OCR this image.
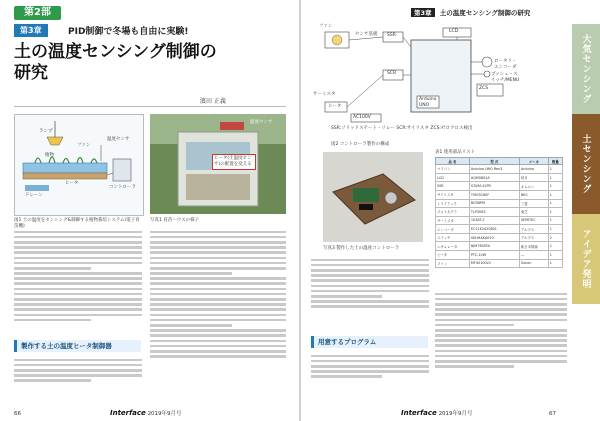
第2部
第3章	PID制御で冬場も自由に実験!
土の温度センシング制御の
研究
濱田 正義
ランプ
ファン
植物
温度センサ
ヒータ
コントローラ
ドレーン
図1 土の温度をセンシング&制御する植物栽培システム(電子育苗機)
温度センサ
ヒータ(土温度センサ)の配置を変える
写真1 育苗ハウスの様子
製作する土の温度ヒータ制御器
66	Interface 2019年9月号
第3章 土の温度センシング制御の研究
ファン
センサ基板 SSR
SCR
LCD
Arduino UNO
ZCS
ロータリ・エンコーダ
プッシュ・スイッチ/MENU
サーミスタ
ヒータ
AC100V
SSR:ソリッドステート・リレー SCR:サイリスタ ZCS:ゼロクロス検出
図2 コントローラ製作の構成
写真3 製作した土の温度コントローラ
表1 使用部品リスト
品 名	型 式	メーカ	数量
マイコン	Arduino UNO Rev3	Arduino	1
LCD	AQM0802A	秋月	1
SSR	G3VM-41PR	オムロン	1
サイリスタ	TMG5C60F	NEC	1
トライアック	BCR8PM	三菱	1
フォトカプラ	TLP3063	東芝	1
サーミスタ	103AT-2	SEMITEC	1
エンコーダ	EC12E2420801	アルプス	1
スイッチ	SKHHAKA010	アルプス	2
レギュレータ	NJM7805FA	新日本無線	1
ヒータ	PTC-10W	—	1
ファン	MF40100V2	Sunon	1
用意するプログラム
大気センシング
土センシング
アイデア発明
Interface 2019年9月号	67
